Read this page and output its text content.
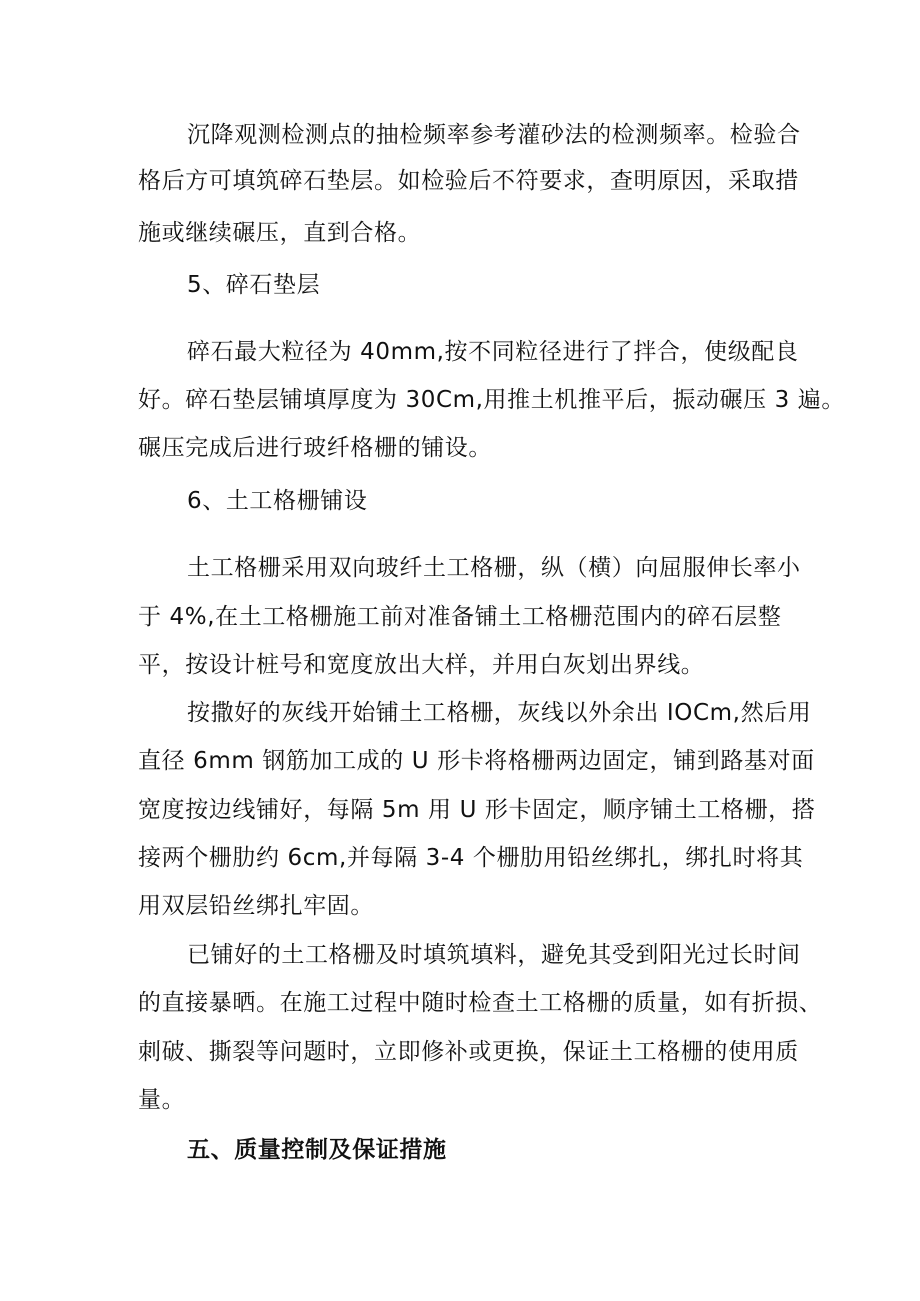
沉降观测检测点的抽检频率参考灌砂法的检测频率。检验合
格后方可填筑碎石垫层。如检验后不符要求，查明原因，采取措
施或继续碾压，直到合格。
5、碎石垫层
碎石最大粒径为 40mm,按不同粒径进行了拌合，使级配良
好。碎石垫层铺填厚度为 30Cm,用推土机推平后，振动碾压 3 遍。
碾压完成后进行玻纤格栅的铺设。
6、土工格栅铺设
土工格栅采用双向玻纤土工格栅，纵（横）向屈服伸长率小
于 4%,在土工格栅施工前对准备铺土工格栅范围内的碎石层整
平，按设计桩号和宽度放出大样，并用白灰划出界线。
按撒好的灰线开始铺土工格栅，灰线以外余出 IOCm,然后用
直径 6mm 钢筋加工成的 U 形卡将格栅两边固定，铺到路基对面
宽度按边线铺好，每隔 5m 用 U 形卡固定，顺序铺土工格栅，搭
接两个栅肋约 6cm,并每隔 3-4 个栅肋用铅丝绑扎，绑扎时将其
用双层铅丝绑扎牢固。
已铺好的土工格栅及时填筑填料，避免其受到阳光过长时间
的直接暴晒。在施工过程中随时检查土工格栅的质量，如有折损、
刺破、撕裂等问题时，立即修补或更换，保证土工格栅的使用质
量。
五、质量控制及保证措施
